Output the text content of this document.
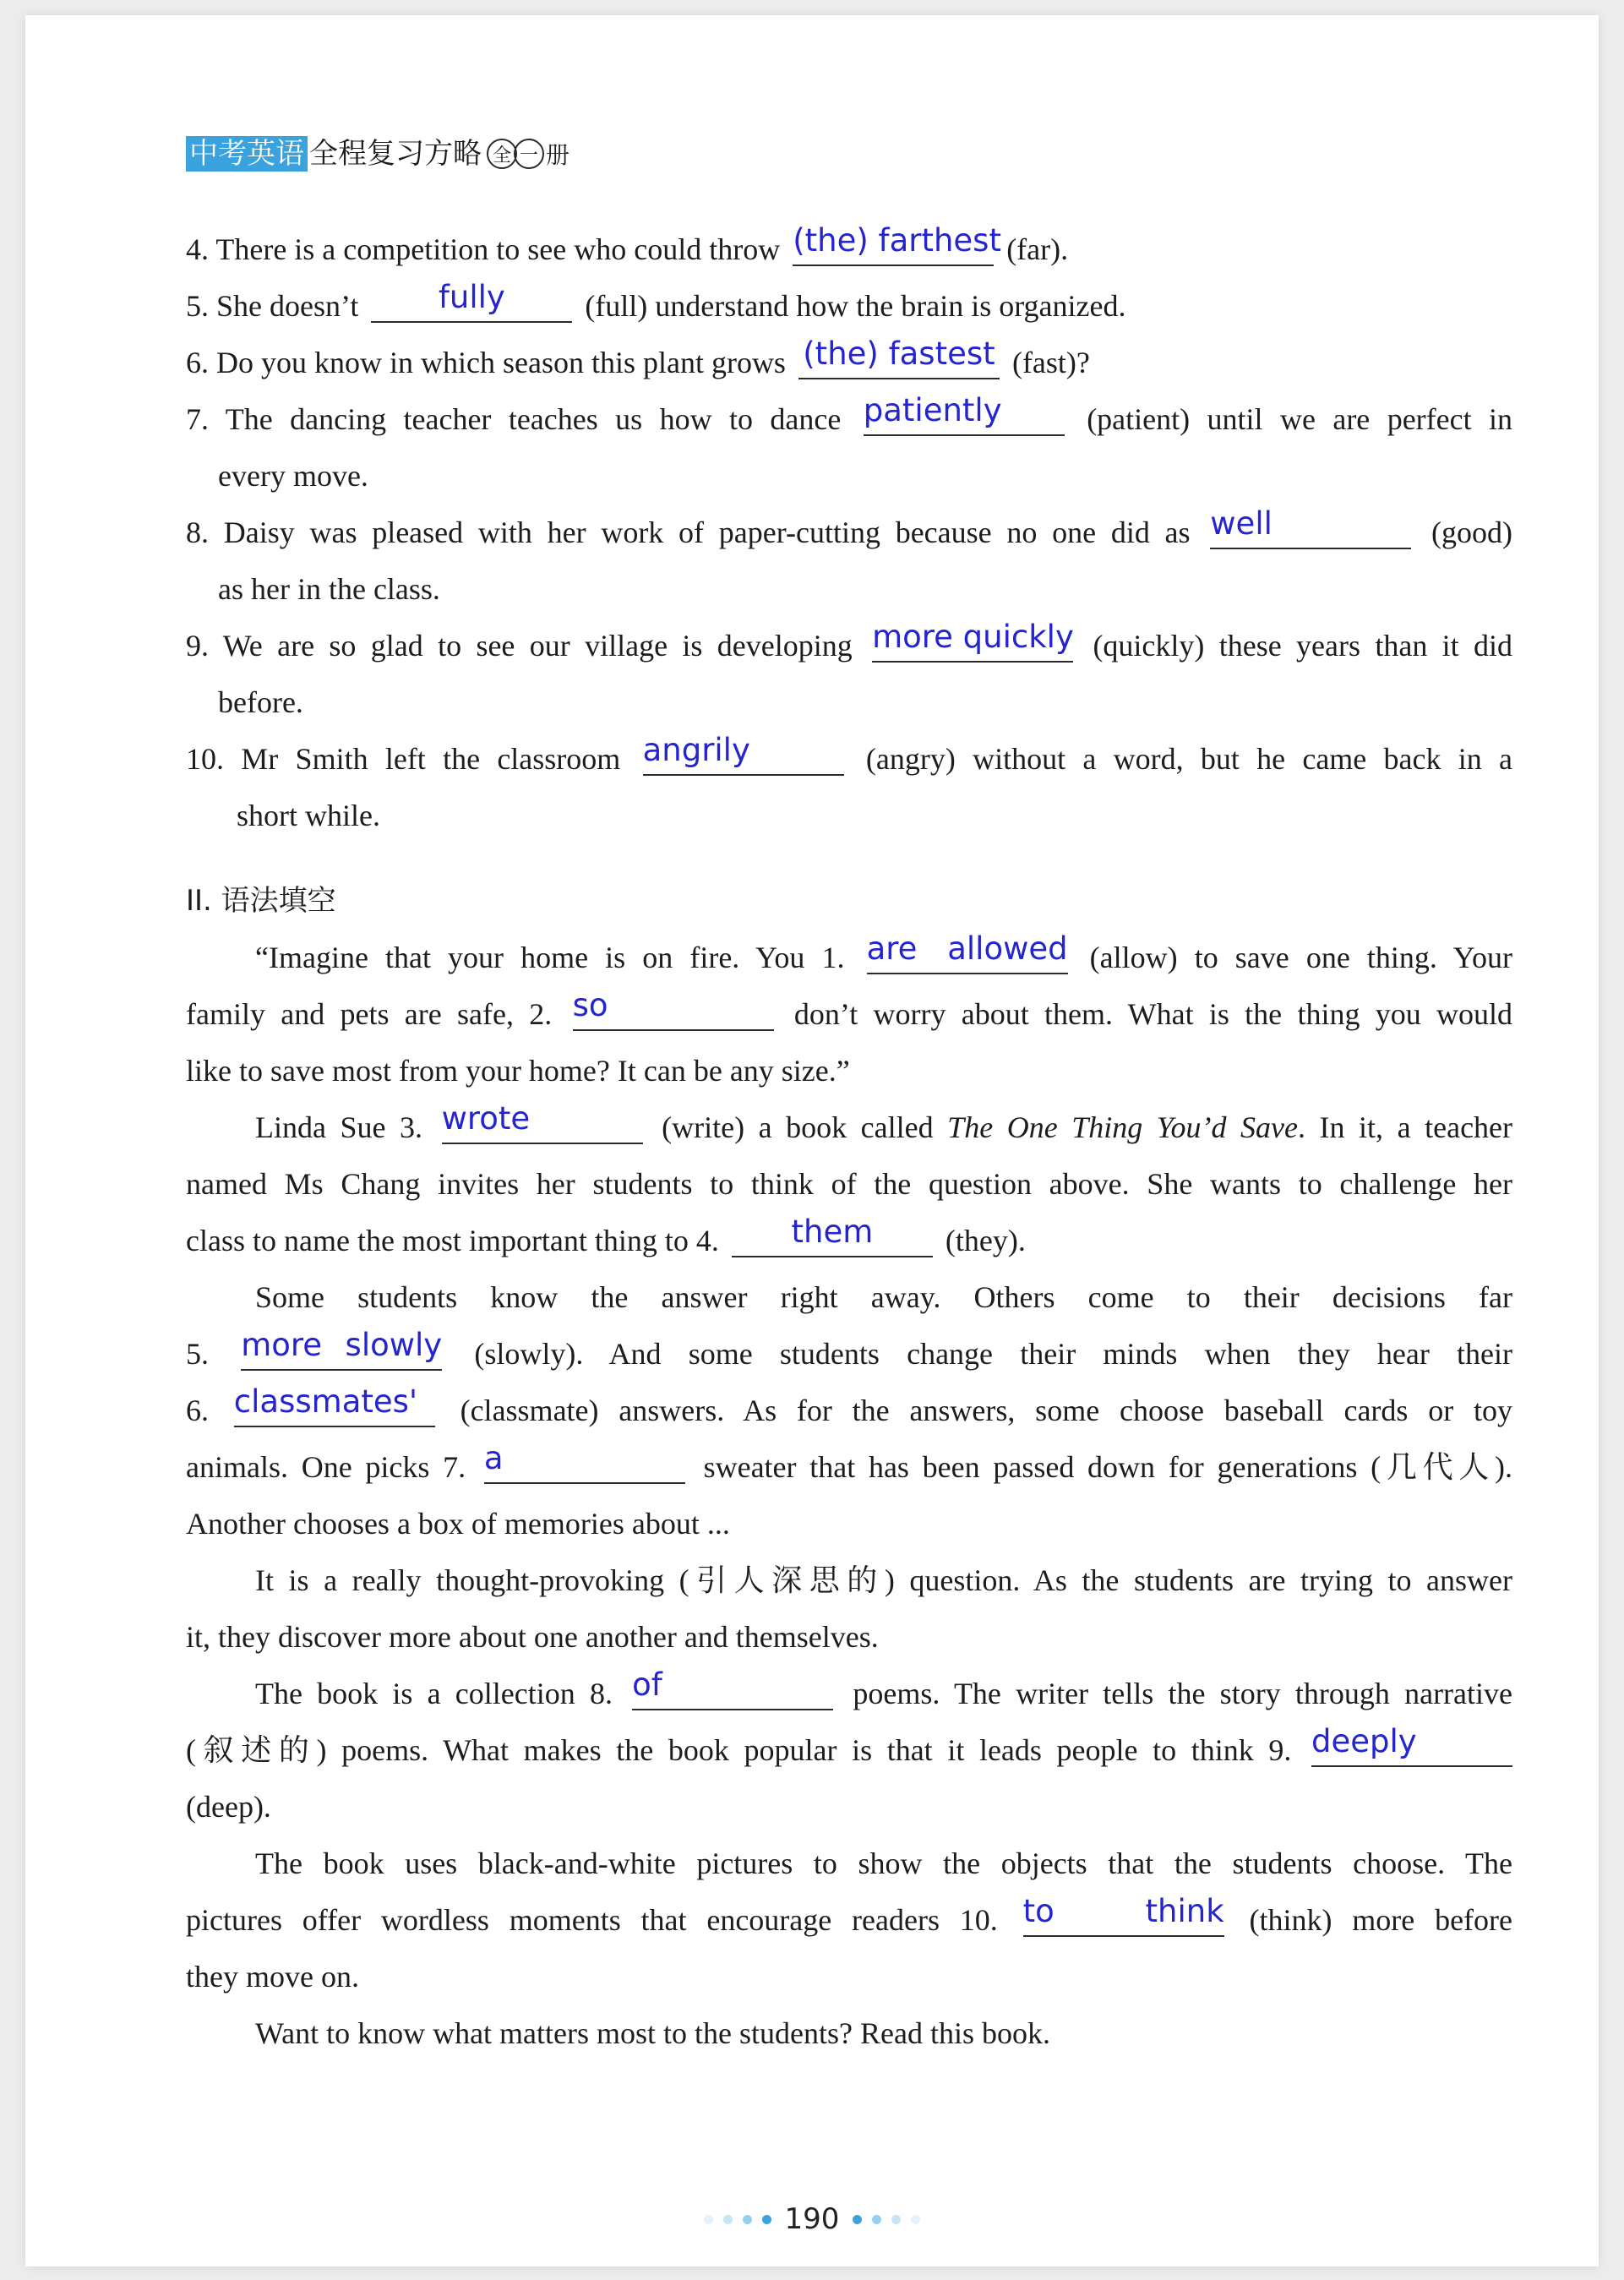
中考英语 全程复习方略 全 一 册
4. There is a competition to see who could throw (the) farthest (far).
5. She doesn’t	fully	(full) understand how the brain is organized.
6. Do you know in which season this plant grows (the) fastest (fast)?
7. The dancing teacher teaches us how to dance patiently	(patient) until we are perfect in
every move.
8. Daisy was pleased with her work of paper-cutting because no one did as well	(good)
as her in the class.
9. We are so glad to see our village is developing more quickly (quickly) these years than it did
before.
10. Mr Smith left the classroom angrily	(angry) without a word, but he came back in a
short while.
II. 语法填空
“Imagine that your home is on fire. You 1. are allowed (allow) to save one thing. Your
family and pets are safe, 2. so	don’t worry about them. What is the thing you would
like to save most from your home? It can be any size.”
Linda Sue 3. wrote	(write) a book called The One Thing You’d Save. In it, a teacher
named Ms Chang invites her students to think of the question above. She wants to challenge her
class to name the most important thing to 4.	them	(they).
Some students know the answer right away. Others come to their decisions far
5. more slowly (slowly). And some students change their minds when they hear their
6. classmates'	(classmate) answers. As for the answers, some choose baseball cards or toy
animals. One picks 7. a	sweater that has been passed down for generations (几代人).
Another chooses a box of memories about ...
It is a really thought-provoking (引人深思的) question. As the students are trying to answer
it, they discover more about one another and themselves.
The book is a collection 8. of	poems. The writer tells the story through narrative
(叙述的) poems. What makes the book popular is that it leads people to think 9. deeply
(deep).
The book uses black-and-white pictures to show the objects that the students choose. The
pictures offer wordless moments that encourage readers 10. to think (think) more before
they move on.
Want to know what matters most to the students? Read this book.
190
